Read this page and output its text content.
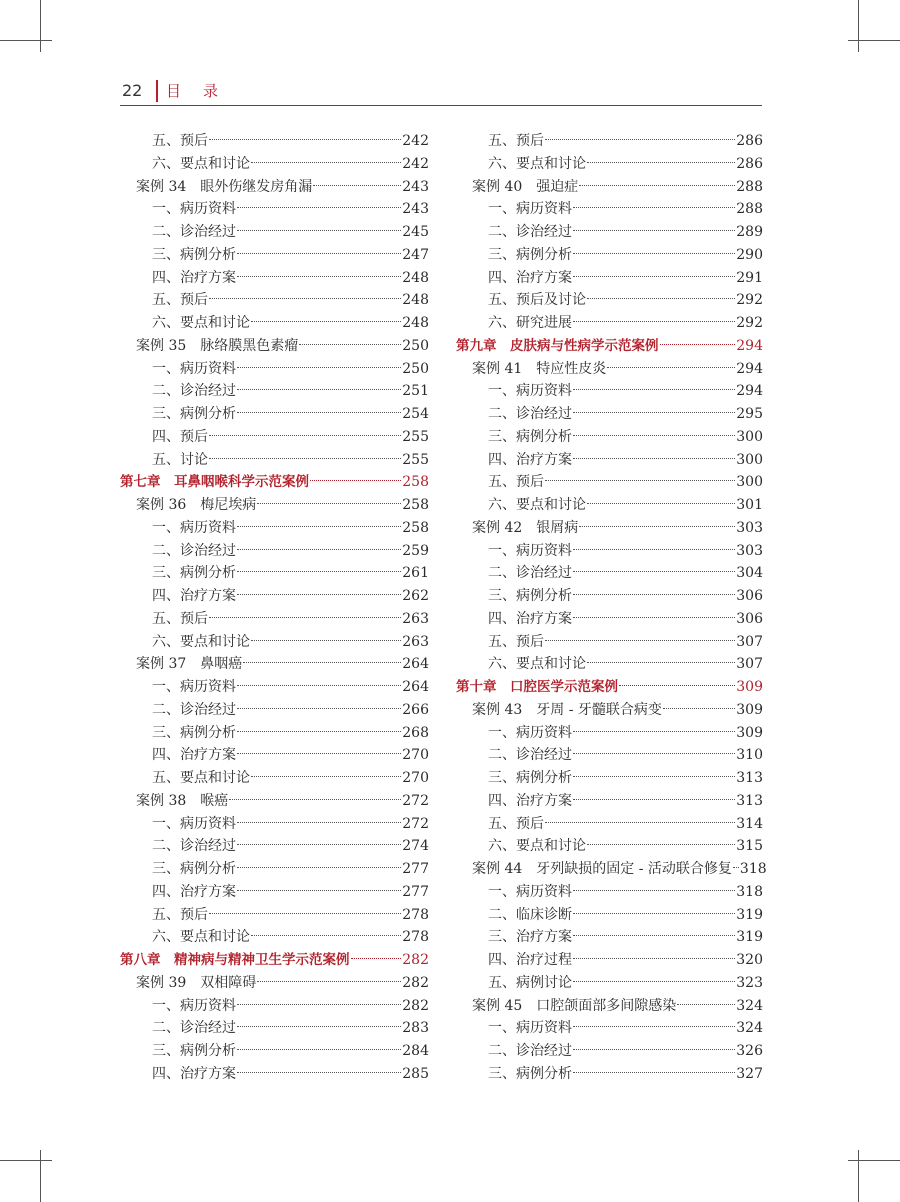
22 目录
五、预后	242
六、要点和讨论	242
案例 34　眼外伤继发房角漏	243
一、病历资料	243
二、诊治经过	245
三、病例分析	247
四、治疗方案	248
五、预后	248
六、要点和讨论	248
案例 35　脉络膜黑色素瘤	250
一、病历资料	250
二、诊治经过	251
三、病例分析	254
四、预后	255
五、讨论	255
第七章　耳鼻咽喉科学示范案例	258
案例 36　梅尼埃病	258
一、病历资料	258
二、诊治经过	259
三、病例分析	261
四、治疗方案	262
五、预后	263
六、要点和讨论	263
案例 37　鼻咽癌	264
一、病历资料	264
二、诊治经过	266
三、病例分析	268
四、治疗方案	270
五、要点和讨论	270
案例 38　喉癌	272
一、病历资料	272
二、诊治经过	274
三、病例分析	277
四、治疗方案	277
五、预后	278
六、要点和讨论	278
第八章　精神病与精神卫生学示范案例	282
案例 39　双相障碍	282
一、病历资料	282
二、诊治经过	283
三、病例分析	284
四、治疗方案	285
五、预后	286
六、要点和讨论	286
案例 40　强迫症	288
一、病历资料	288
二、诊治经过	289
三、病例分析	290
四、治疗方案	291
五、预后及讨论	292
六、研究进展	292
第九章　皮肤病与性病学示范案例	294
案例 41　特应性皮炎	294
一、病历资料	294
二、诊治经过	295
三、病例分析	300
四、治疗方案	300
五、预后	300
六、要点和讨论	301
案例 42　银屑病	303
一、病历资料	303
二、诊治经过	304
三、病例分析	306
四、治疗方案	306
五、预后	307
六、要点和讨论	307
第十章　口腔医学示范案例	309
案例 43　牙周 - 牙髓联合病变	309
一、病历资料	309
二、诊治经过	310
三、病例分析	313
四、治疗方案	313
五、预后	314
六、要点和讨论	315
案例 44　牙列缺损的固定 - 活动联合修复 318
一、病历资料	318
二、临床诊断	319
三、治疗方案	319
四、治疗过程	320
五、病例讨论	323
案例 45　口腔颌面部多间隙感染	324
一、病历资料	324
二、诊治经过	326
三、病例分析	327
